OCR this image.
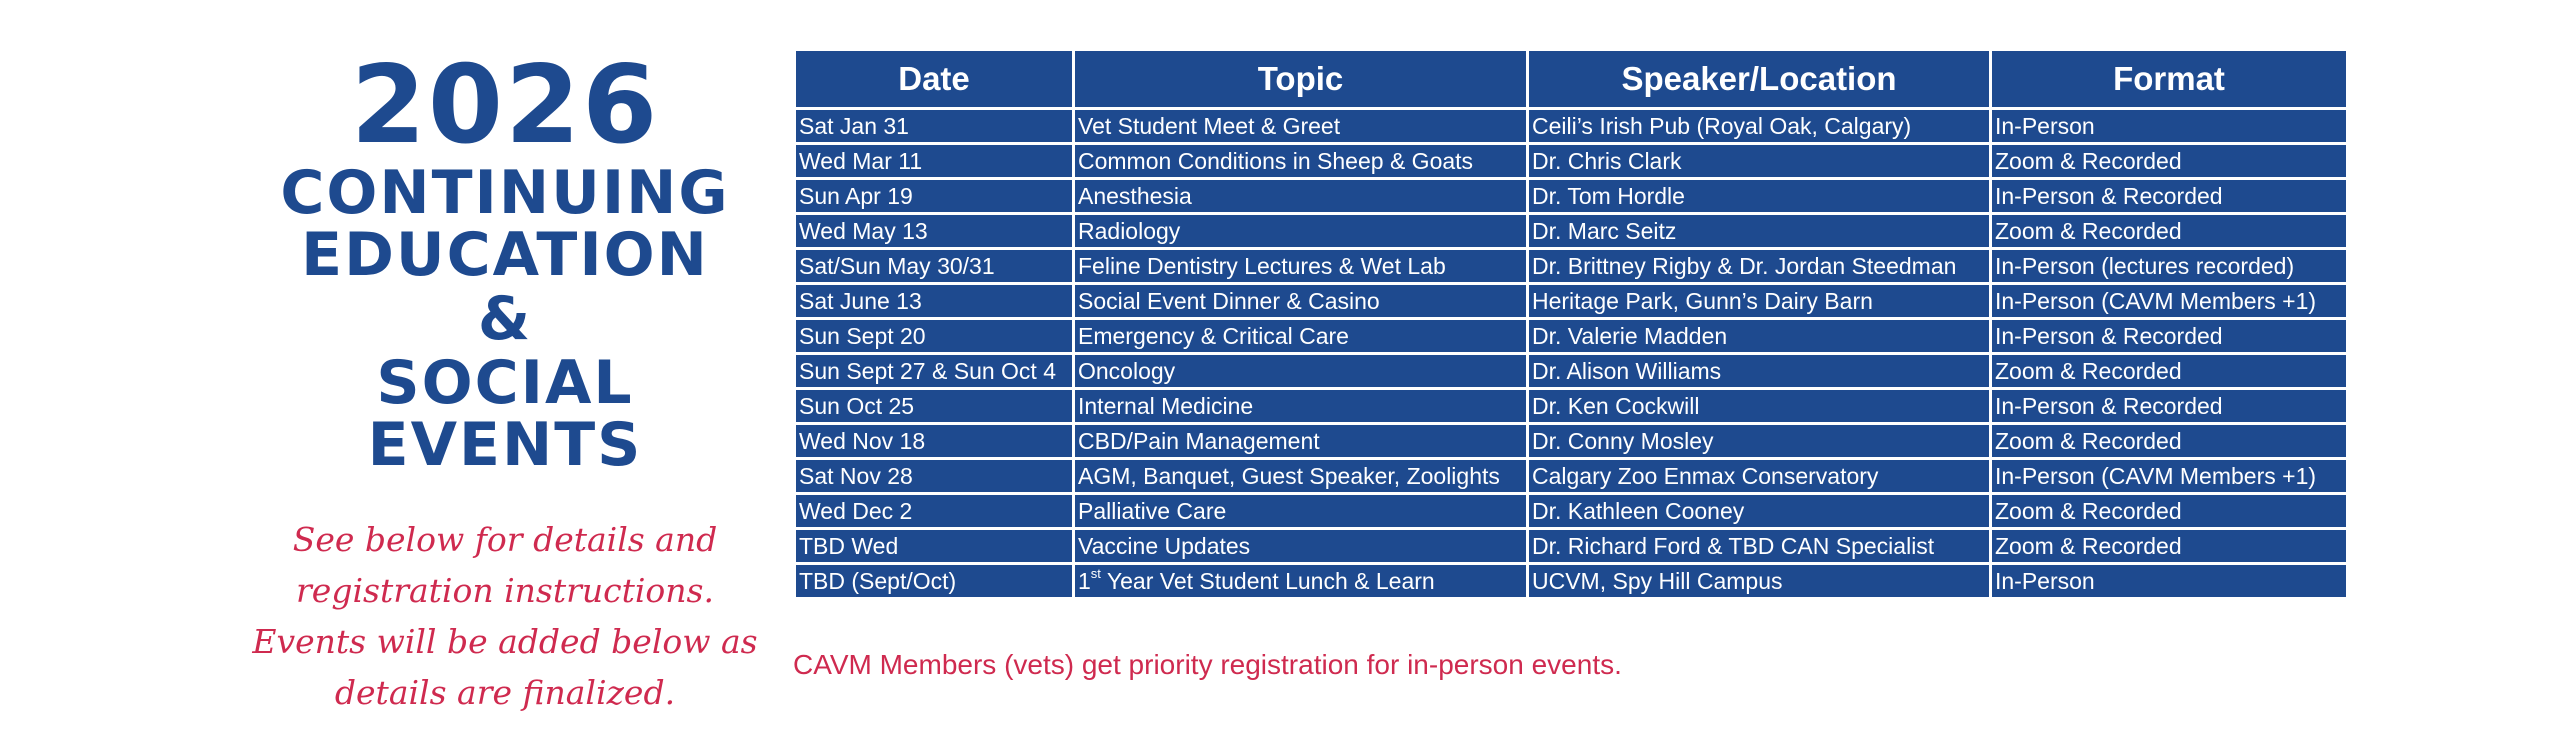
2026
CONTINUING
EDUCATION
&
SOCIAL EVENTS
See below for details and
registration instructions.
Events will be added below as
details are finalized.
Date	Topic	Speaker/Location	Format
Sat Jan 31	Vet Student Meet & Greet	Ceili’s Irish Pub (Royal Oak, Calgary)	In-Person
Wed Mar 11	Common Conditions in Sheep & Goats	Dr. Chris Clark	Zoom & Recorded
Sun Apr 19	Anesthesia	Dr. Tom Hordle	In-Person & Recorded
Wed May 13	Radiology	Dr. Marc Seitz	Zoom & Recorded
Sat/Sun May 30/31	Feline Dentistry Lectures & Wet Lab	Dr. Brittney Rigby & Dr. Jordan Steedman	In-Person (lectures recorded)
Sat June 13	Social Event Dinner & Casino	Heritage Park, Gunn’s Dairy Barn	In-Person (CAVM Members +1)
Sun Sept 20	Emergency & Critical Care	Dr. Valerie Madden	In-Person & Recorded
Sun Sept 27 & Sun Oct 4	Oncology	Dr. Alison Williams	Zoom & Recorded
Sun Oct 25	Internal Medicine	Dr. Ken Cockwill	In-Person & Recorded
Wed Nov 18	CBD/Pain Management	Dr. Conny Mosley	Zoom & Recorded
Sat Nov 28	AGM, Banquet, Guest Speaker, Zoolights	Calgary Zoo Enmax Conservatory	In-Person (CAVM Members +1)
Wed Dec 2	Palliative Care	Dr. Kathleen Cooney	Zoom & Recorded
TBD Wed	Vaccine Updates	Dr. Richard Ford & TBD CAN Specialist	Zoom & Recorded
TBD (Sept/Oct)	1st Year Vet Student Lunch & Learn	UCVM, Spy Hill Campus	In-Person
CAVM Members (vets) get priority registration for in-person events.
